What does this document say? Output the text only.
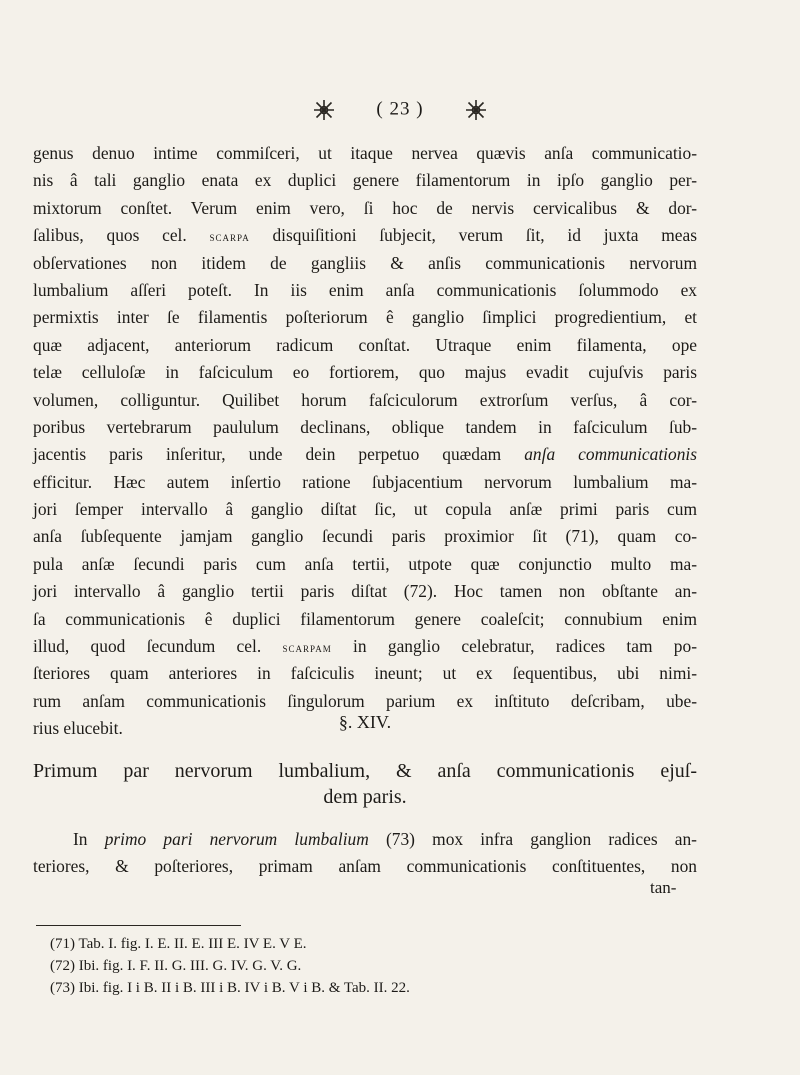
( 23 )
genus denuo intime commiſceri, ut itaque nervea quævis anſa communicatio-
nis â tali ganglio enata ex duplici genere filamentorum in ipſo ganglio per-
mixtorum conſtet. Verum enim vero, ſi hoc de nervis cervicalibus & dor-
ſalibus, quos cel. scarpa disquiſitioni ſubjecit, verum ſit, id juxta meas
obſervationes non itidem de gangliis & anſis communicationis nervorum
lumbalium aſſeri poteſt. In iis enim anſa communicationis ſolummodo ex
permixtis inter ſe filamentis poſteriorum ê ganglio ſimplici progredientium, et
quæ adjacent, anteriorum radicum conſtat. Utraque enim filamenta, ope
telæ celluloſæ in faſciculum eo fortiorem, quo majus evadit cujuſvis paris
volumen, colliguntur. Quilibet horum faſciculorum extrorſum verſus, â cor-
poribus vertebrarum paululum declinans, oblique tandem in faſciculum ſub-
jacentis paris inſeritur, unde dein perpetuo quædam anſa communicationis
efficitur. Hæc autem inſertio ratione ſubjacentium nervorum lumbalium ma-
jori ſemper intervallo â ganglio diſtat ſic, ut copula anſæ primi paris cum
anſa ſubſequente jamjam ganglio ſecundi paris proximior ſit (71), quam co-
pula anſæ ſecundi paris cum anſa tertii, utpote quæ conjunctio multo ma-
jori intervallo â ganglio tertii paris diſtat (72). Hoc tamen non obſtante an-
ſa communicationis ê duplici filamentorum genere coaleſcit; connubium enim
illud, quod ſecundum cel. scarpam in ganglio celebratur, radices tam po-
ſteriores quam anteriores in faſciculis ineunt; ut ex ſequentibus, ubi nimi-
rum anſam communicationis ſingulorum parium ex inſtituto deſcribam, ube-
rius elucebit.	§. XIV.
Primum par nervorum lumbalium, & anſa communicationis ejuſ-
dem paris.
In primo pari nervorum lumbalium (73) mox infra ganglion radices an-
teriores, & poſteriores, primam anſam communicationis conſtituentes, non
tan-
(71) Tab. I. fig. I. E. II. E. III E. IV E. V E.
(72) Ibi. fig. I. F. II. G. III. G. IV. G. V. G.
(73) Ibi. fig. I i B. II i B. III i B. IV i B. V i B. & Tab. II. 22.
